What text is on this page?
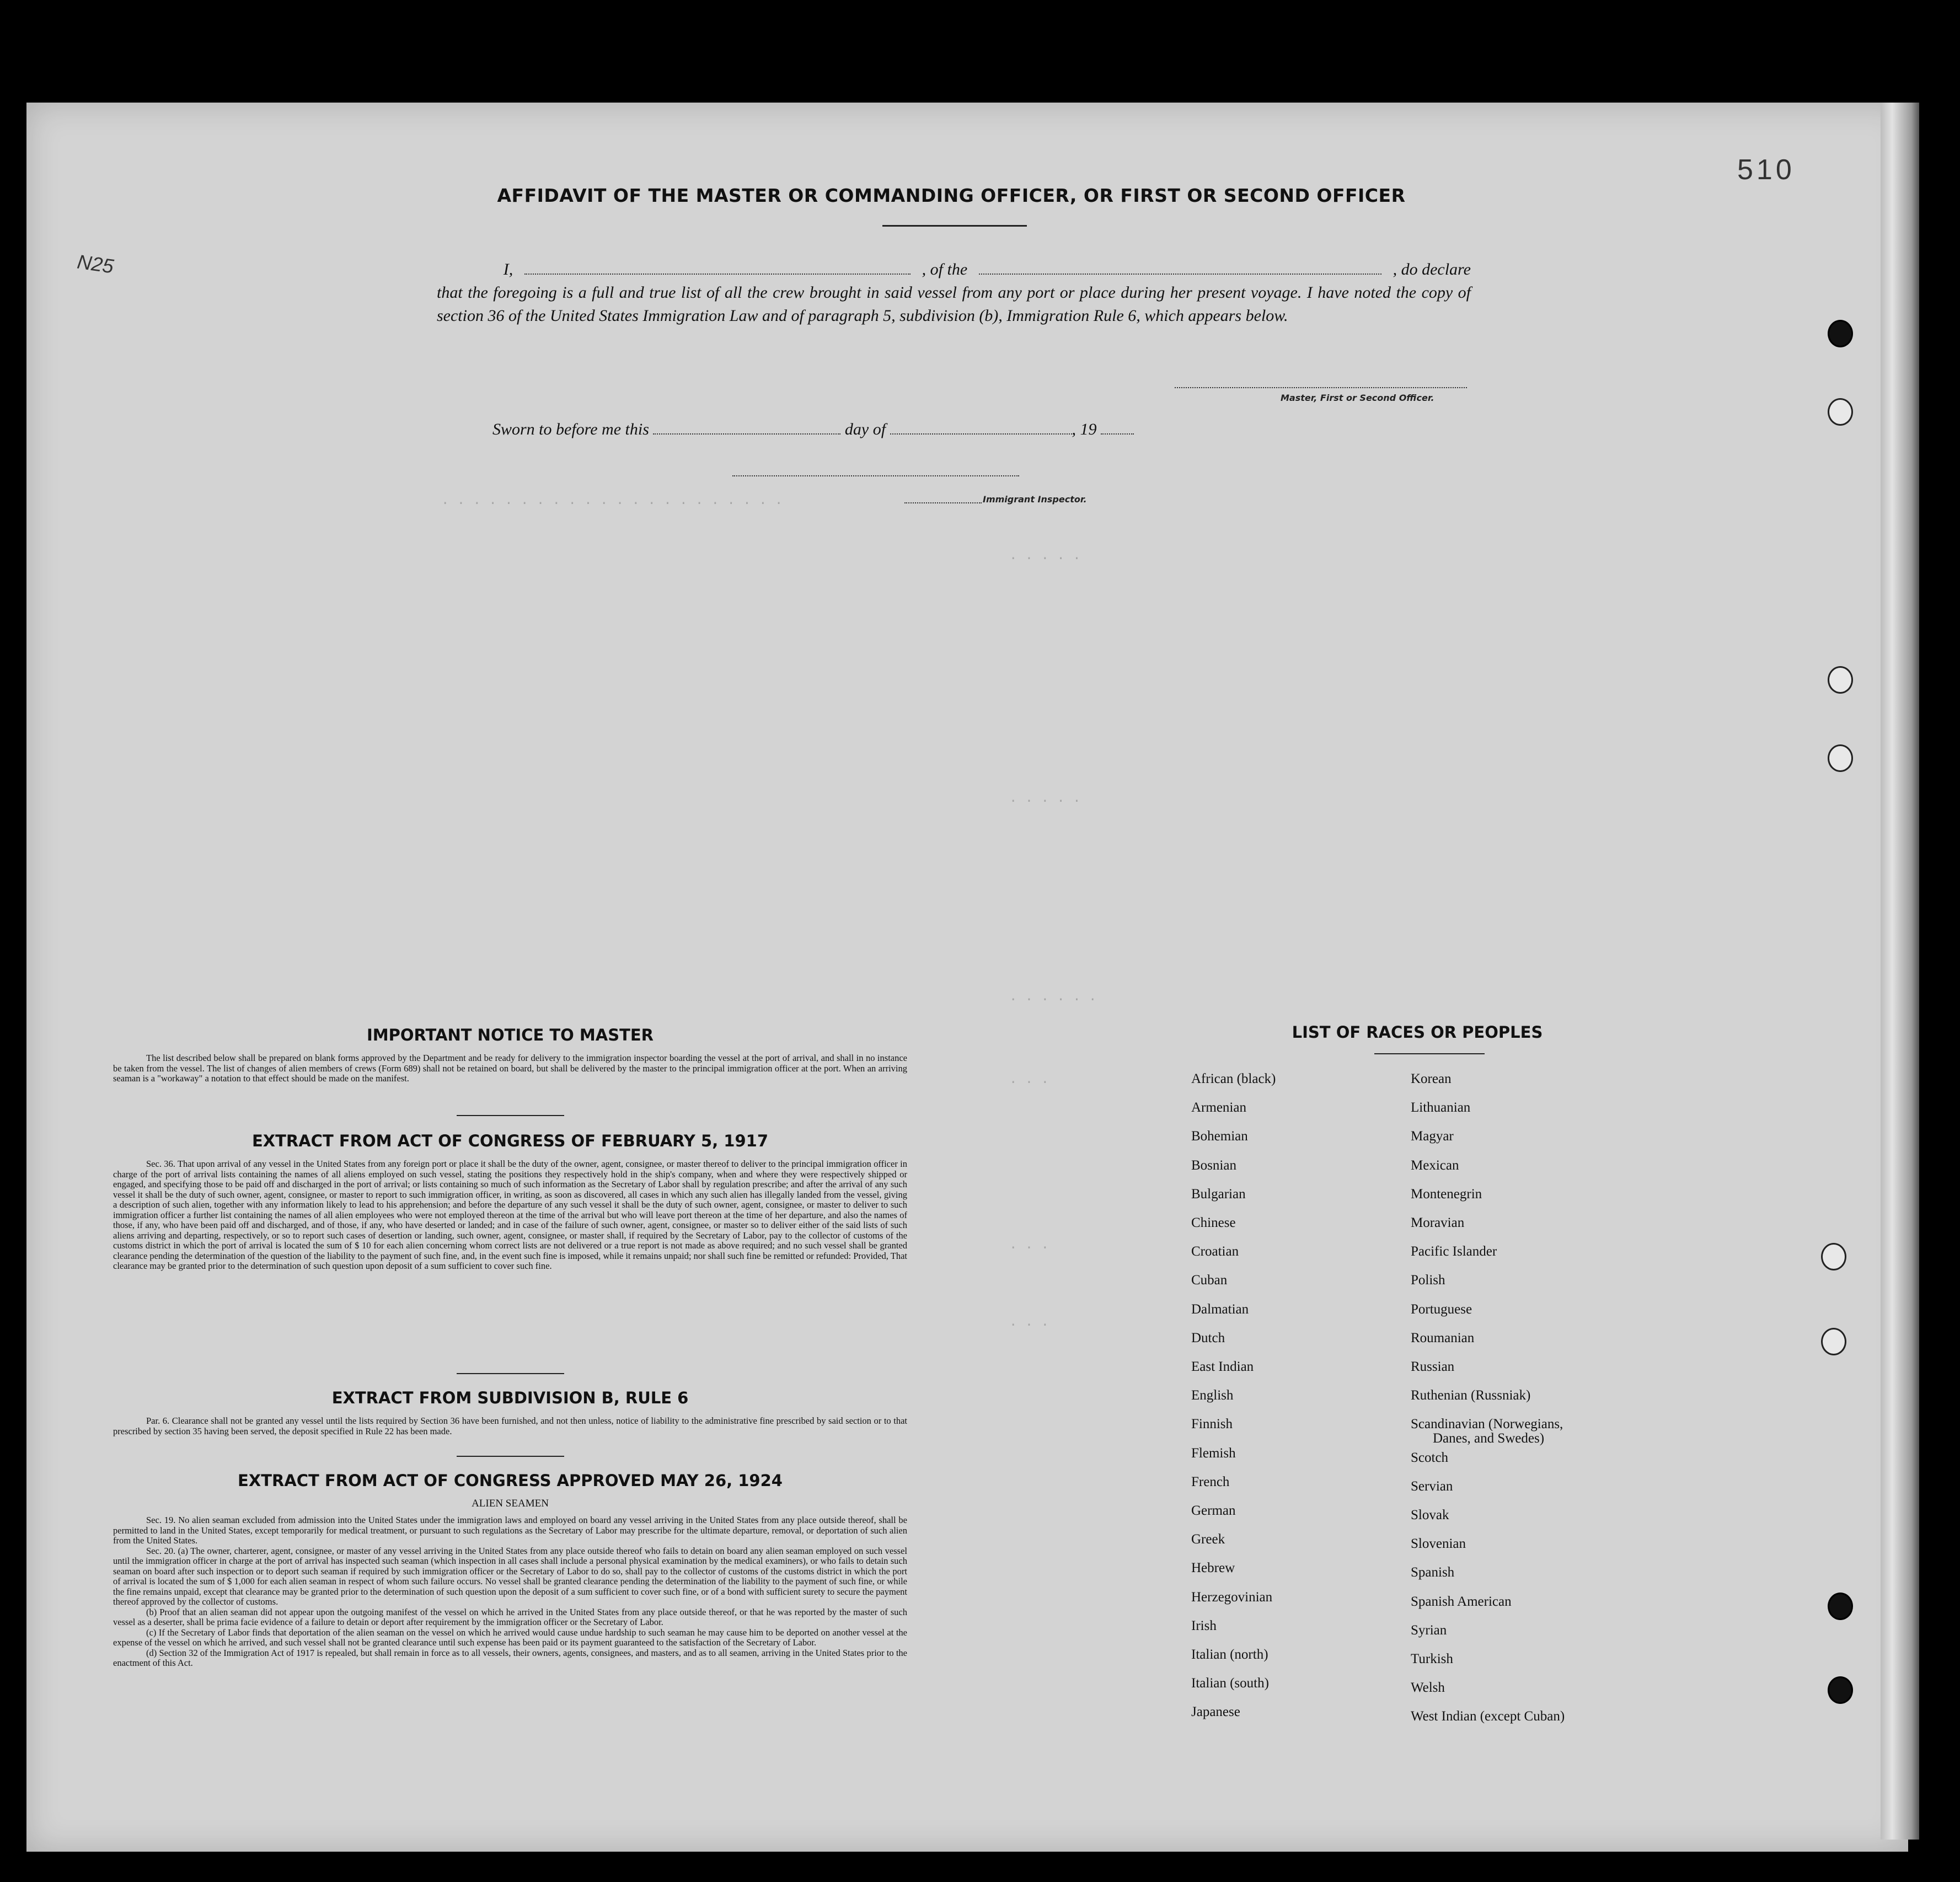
510
N25
· · · · · · · · · · · · · · · · · · · · · ·
· · · · ·
· · · · ·
· · · · · ·
· · ·
· · ·
· · ·
AFFIDAVIT OF THE MASTER OR COMMANDING OFFICER, OR FIRST OR SECOND OFFICER
I,	, of the	, do declare
that the foregoing is a full and true list of all the crew brought in said vessel from any port or place during her present voyage. I have noted the copy of section 36 of the United States Immigration Law and of paragraph 5, subdivision (b), Immigration Rule 6, which appears below.
Master, First or Second Officer.
Sworn to before me this	day of	, 19
Immigrant Inspector.
IMPORTANT NOTICE TO MASTER

The list described below shall be prepared on blank forms approved by the Department and be ready for delivery to the immigration inspector boarding the vessel at the port of arrival, and shall in no instance be taken from the vessel. The list of changes of alien members of crews (Form 689) shall not be retained on board, but shall be delivered by the master to the principal immigration officer at the port. When an arriving seaman is a "workaway" a notation to that effect should be made on the manifest.

EXTRACT FROM ACT OF CONGRESS OF FEBRUARY 5, 1917

Sec. 36. That upon arrival of any vessel in the United States from any foreign port or place it shall be the duty of the owner, agent, consignee, or master thereof to deliver to the principal immigration officer in charge of the port of arrival lists containing the names of all aliens employed on such vessel, stating the positions they respectively hold in the ship's company, when and where they were respectively shipped or engaged, and specifying those to be paid off and discharged in the port of arrival; or lists containing so much of such information as the Secretary of Labor shall by regulation prescribe; and after the arrival of any such vessel it shall be the duty of such owner, agent, consignee, or master to report to such immigration officer, in writing, as soon as discovered, all cases in which any such alien has illegally landed from the vessel, giving a description of such alien, together with any information likely to lead to his apprehension; and before the departure of any such vessel it shall be the duty of such owner, agent, consignee, or master to deliver to such immigration officer a further list containing the names of all alien employees who were not employed thereon at the time of the arrival but who will leave port thereon at the time of her departure, and also the names of those, if any, who have been paid off and discharged, and of those, if any, who have deserted or landed; and in case of the failure of such owner, agent, consignee, or master so to deliver either of the said lists of such aliens arriving and departing, respectively, or so to report such cases of desertion or landing, such owner, agent, consignee, or master shall, if required by the Secretary of Labor, pay to the collector of customs of the customs district in which the port of arrival is located the sum of $ 10 for each alien concerning whom correct lists are not delivered or a true report is not made as above required; and no such vessel shall be granted clearance pending the determination of the question of the liability to the payment of such fine, and, in the event such fine is imposed, while it remains unpaid; nor shall such fine be remitted or refunded: Provided, That clearance may be granted prior to the determination of such question upon deposit of a sum sufficient to cover such fine.

EXTRACT FROM SUBDIVISION B, RULE 6

Par. 6. Clearance shall not be granted any vessel until the lists required by Section 36 have been furnished, and not then unless, notice of liability to the administrative fine prescribed by said section or to that prescribed by section 35 having been served, the deposit specified in Rule 22 has been made.

EXTRACT FROM ACT OF CONGRESS APPROVED MAY 26, 1924
ALIEN SEAMEN

Sec. 19. No alien seaman excluded from admission into the United States under the immigration laws and employed on board any vessel arriving in the United States from any place outside thereof, shall be permitted to land in the United States, except temporarily for medical treatment, or pursuant to such regulations as the Secretary of Labor may prescribe for the ultimate departure, removal, or deportation of such alien from the United States.

Sec. 20. (a) The owner, charterer, agent, consignee, or master of any vessel arriving in the United States from any place outside thereof who fails to detain on board any alien seaman employed on such vessel until the immigration officer in charge at the port of arrival has inspected such seaman (which inspection in all cases shall include a personal physical examination by the medical examiners), or who fails to detain such seaman on board after such inspection or to deport such seaman if required by such immigration officer or the Secretary of Labor to do so, shall pay to the collector of customs of the customs district in which the port of arrival is located the sum of $ 1,000 for each alien seaman in respect of whom such failure occurs. No vessel shall be granted clearance pending the determination of the liability to the payment of such fine, or while the fine remains unpaid, except that clearance may be granted prior to the determination of such question upon the deposit of a sum sufficient to cover such fine, or of a bond with sufficient surety to secure the payment thereof approved by the collector of customs.

(b) Proof that an alien seaman did not appear upon the outgoing manifest of the vessel on which he arrived in the United States from any place outside thereof, or that he was reported by the master of such vessel as a deserter, shall be prima facie evidence of a failure to detain or deport after requirement by the immigration officer or the Secretary of Labor.

(c) If the Secretary of Labor finds that deportation of the alien seaman on the vessel on which he arrived would cause undue hardship to such seaman he may cause him to be deported on another vessel at the expense of the vessel on which he arrived, and such vessel shall not be granted clearance until such expense has been paid or its payment guaranteed to the satisfaction of the Secretary of Labor.

(d) Section 32 of the Immigration Act of 1917 is repealed, but shall remain in force as to all vessels, their owners, agents, consignees, and masters, and as to all seamen, arriving in the United States prior to the enactment of this Act.

LIST OF RACES OR PEOPLES
African (black)
Armenian
Bohemian
Bosnian
Bulgarian
Chinese
Croatian
Cuban
Dalmatian
Dutch
East Indian
English
Finnish
Flemish
French
German
Greek
Hebrew
Herzegovinian
Irish
Italian (north)
Italian (south)
Japanese
Korean
Lithuanian
Magyar
Mexican
Montenegrin
Moravian
Pacific Islander
Polish
Portuguese
Roumanian
Russian
Ruthenian (Russniak)
Scandinavian (Norwegians,
Scotch
Servian
Slovak
Slovenian
Spanish
Spanish American
Syrian
Turkish
Welsh
West Indian (except Cuban)
Danes, and Swedes)
